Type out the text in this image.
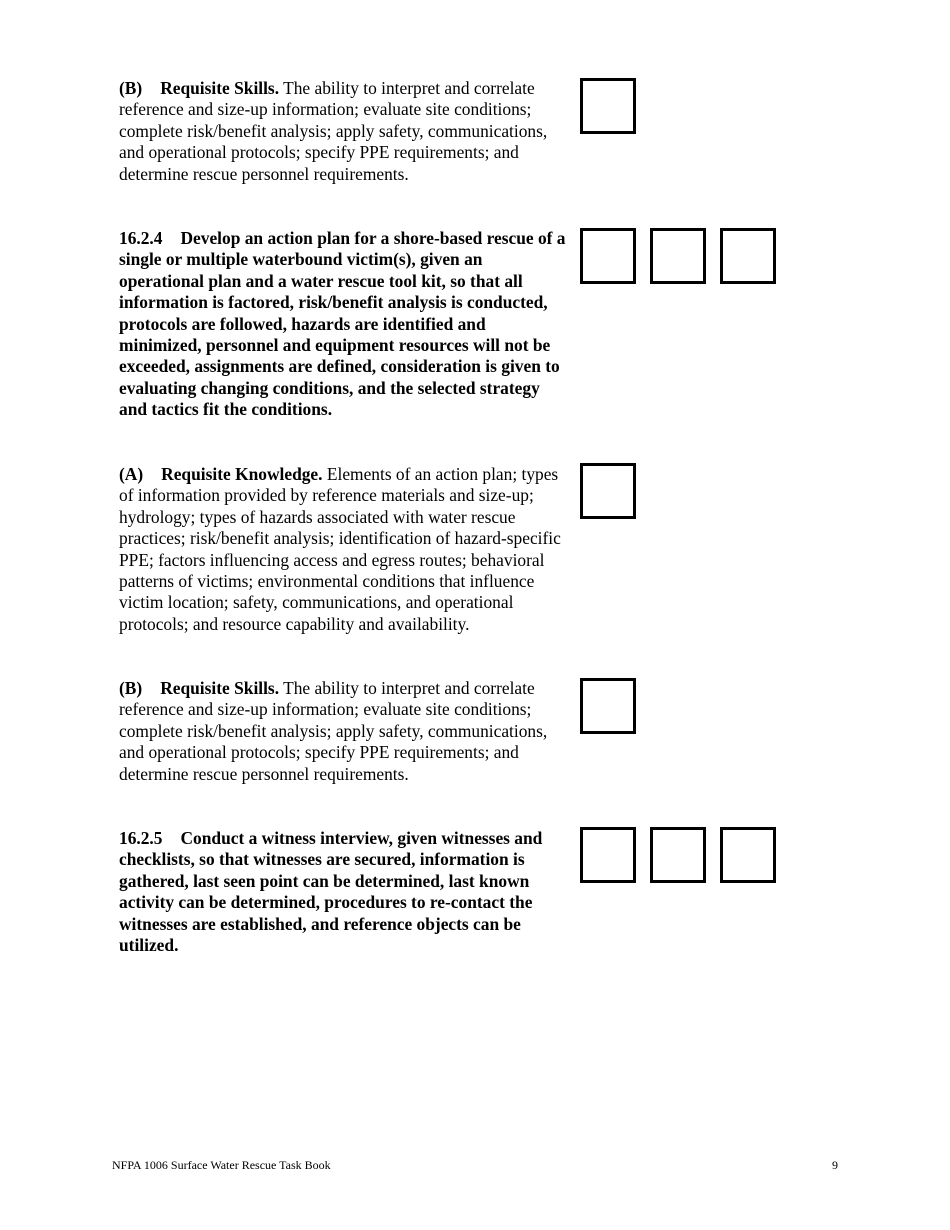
(B) Requisite Skills. The ability to interpret and correlate reference and size-up information; evaluate site conditions; complete risk/benefit analysis; apply safety, communications, and operational protocols; specify PPE requirements; and determine rescue personnel requirements.

16.2.4 Develop an action plan for a shore-based rescue of a single or multiple waterbound victim(s), given an operational plan and a water rescue tool kit, so that all information is factored, risk/benefit analysis is conducted, protocols are followed, hazards are identified and minimized, personnel and equipment resources will not be exceeded, assignments are defined, consideration is given to evaluating changing conditions, and the selected strategy and tactics fit the conditions.

(A) Requisite Knowledge. Elements of an action plan; types of information provided by reference materials and size-up; hydrology; types of hazards associated with water rescue practices; risk/benefit analysis; identification of hazard-specific PPE; factors influencing access and egress routes; behavioral patterns of victims; environmental conditions that influence victim location; safety, communications, and operational protocols; and resource capability and availability.

(B) Requisite Skills. The ability to interpret and correlate reference and size-up information; evaluate site conditions; complete risk/benefit analysis; apply safety, communications, and operational protocols; specify PPE requirements; and determine rescue personnel requirements.

16.2.5 Conduct a witness interview, given witnesses and checklists, so that witnesses are secured, information is gathered, last seen point can be determined, last known activity can be determined, procedures to re-contact the witnesses are established, and reference objects can be utilized.

NFPA 1006 Surface Water Rescue Task Book	9
